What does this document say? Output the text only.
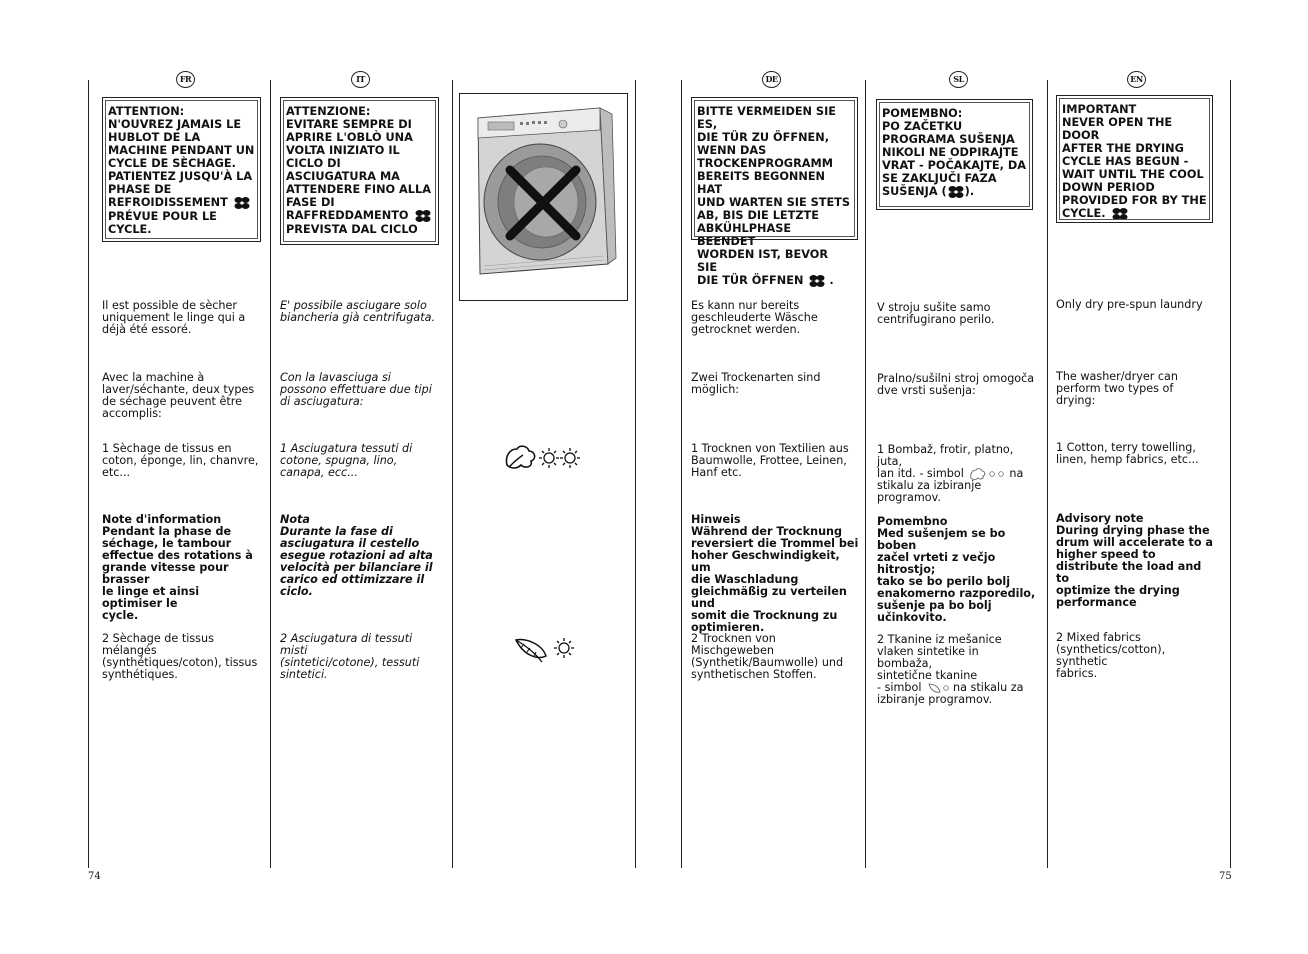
74	75
FR
ATTENTION:
N'OUVREZ JAMAIS LE
HUBLOT DE LA
MACHINE PENDANT UN
CYCLE DE SÈCHAGE.
PATIENTEZ JUSQU'À LA
PHASE DE
REFROIDISSEMENT
PRÉVUE POUR LE
CYCLE.
Il est possible de sècher
uniquement le linge qui a
déjà été essoré.
Avec la machine à
laver/séchante, deux types
de séchage peuvent être
accomplis:
1 Sèchage de tissus en
coton, éponge, lin, chanvre,
etc...
Note d'information
Pendant la phase de
séchage, le tambour
effectue des rotations à
grande vitesse pour brasser
le linge et ainsi optimiser le
cycle.
2 Sèchage de tissus
mélangés
(synthétiques/coton), tissus
synthétiques.
IT
ATTENZIONE:
EVITARE SEMPRE DI
APRIRE L'OBLÒ UNA
VOLTA INIZIATO IL
CICLO DI
ASCIUGATURA MA
ATTENDERE FINO ALLA
FASE DI
RAFFREDDAMENTO
PREVISTA DAL CICLO
E' possibile asciugare solo
biancheria già centrifugata.
Con la lavasciuga si
possono effettuare due tipi
di asciugatura:
1 Asciugatura tessuti di
cotone, spugna, lino,
canapa, ecc...
Nota
Durante la fase di
asciugatura il cestello
esegue rotazioni ad alta
velocità per bilanciare il
carico ed ottimizzare il ciclo.
2 Asciugatura di tessuti misti
(sintetici/cotone), tessuti
sintetici.
DE
BITTE VERMEIDEN SIE ES,
DIE TÜR ZU ÖFFNEN,
WENN DAS
TROCKENPROGRAMM
BEREITS BEGONNEN HAT
UND WARTEN SIE STETS
AB, BIS DIE LETZTE
ABKÜHLPHASE BEENDET
WORDEN IST, BEVOR SIE
DIE TÜR ÖFFNEN .
Es kann nur bereits
geschleuderte Wäsche
getrocknet werden.
Zwei Trockenarten sind
möglich:
1 Trocknen von Textilien aus
Baumwolle, Frottee, Leinen,
Hanf etc.
Hinweis
Während der Trocknung
reversiert die Trommel bei
hoher Geschwindigkeit, um
die Waschladung
gleichmäßig zu verteilen und
somit die Trocknung zu
optimieren.
2 Trocknen von
Mischgeweben
(Synthetik/Baumwolle) und
synthetischen Stoffen.
SL
POMEMBNO:
PO ZAČETKU
PROGRAMA SUŠENJA
NIKOLI NE ODPIRAJTE
VRAT - POČAKAJTE, DA
SE ZAKLJUČI FAZA
SUŠENJA ( ).
V stroju sušite samo
centrifugirano perilo.
Pralno/sušilni stroj omogoča
dve vrsti sušenja:
1 Bombaž, frotir, platno, juta,
lan itd. - simbol	na
stikalu za izbiranje
programov.
Pomembno
Med sušenjem se bo boben
začel vrteti z večjo hitrostjo;
tako se bo perilo bolj
enakomerno razporedilo,
sušenje pa bo bolj
učinkovito.
2 Tkanine iz mešanice
vlaken sintetike in bombaža,
sintetične tkanine
- simbol	na stikalu za
izbiranje programov.
EN
IMPORTANT
NEVER OPEN THE DOOR
AFTER THE DRYING
CYCLE HAS BEGUN -
WAIT UNTIL THE COOL
DOWN PERIOD
PROVIDED FOR BY THE
CYCLE.
Only dry pre-spun laundry
The washer/dryer can
perform two types of drying:
1 Cotton, terry towelling,
linen, hemp fabrics, etc...
Advisory note
During drying phase the
drum will accelerate to a
higher speed to
distribute the load and to
optimize the drying
performance
2 Mixed fabrics
(synthetics/cotton), synthetic
fabrics.
